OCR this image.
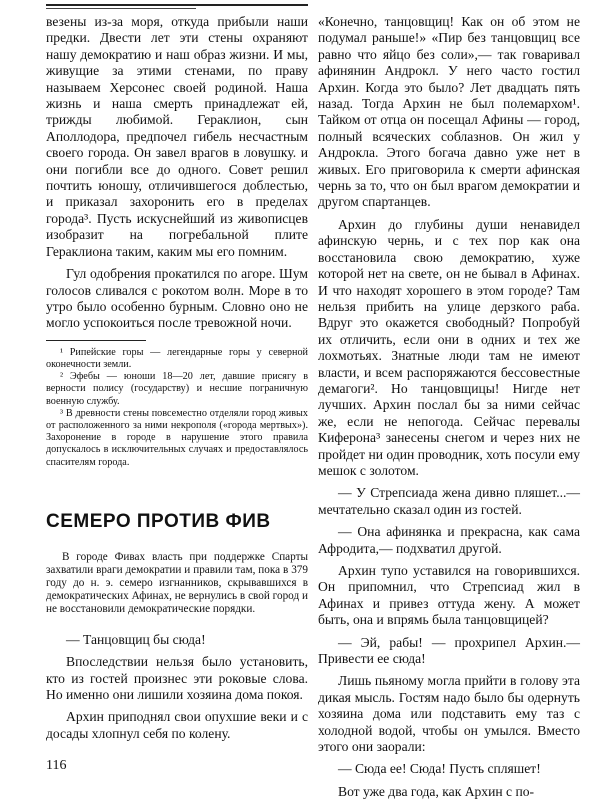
везены из-за моря, откуда прибыли наши предки. Двести лет эти стены охраняют нашу демократию и наш образ жизни. И мы, живущие за этими стенами, по праву называем Херсонес своей родиной. Наша жизнь и наша смерть принадлежат ей, трижды любимой. Гераклион, сын Аполлодора, предпочел гибель несчастным своего города. Он завел врагов в ловушку. и они погибли все до одного. Совет решил почтить юношу, отличившегося доблестью, и приказал захоронить его в пределах города³. Пусть искуснейший из живописцев изобразит на погребальной плите Гераклиона таким, каким мы его помним.

Гул одобрения прокатился по агоре. Шум голосов сливался с рокотом волн. Море в то утро было особенно бурным. Словно оно не могло успокоиться после тревожной ночи.

¹ Рипейские горы — легендарные горы у северной оконечности земли.

² Эфебы — юноши 18—20 лет, давшие присягу в верности полису (государству) и несшие пограничную военную службу.

³ В древности стены повсеместно отделяли город живых от расположенного за ними некрополя («города мертвых»). Захоронение в городе в нарушение этого правила допускалось в исключительных случаях и предоставлялось спасителям города.

СЕМЕРО ПРОТИВ ФИВ
В городе Фивах власть при поддержке Спарты захватили враги демократии и правили там, пока в 379 году до н. э. семеро изгнанников, скрывавшихся в демократических Афинах, не вернулись в свой город и не восстановили демократические порядки.

— Танцовщиц бы сюда!

Впоследствии нельзя было установить, кто из гостей произнес эти роковые слова. Но именно они лишили хозяина дома покоя.

Архин приподнял свои опухшие веки и с досады хлопнул себя по колену.

«Конечно, танцовщиц! Как он об этом не подумал раньше!» «Пир без танцовщиц все равно что яйцо без соли»,— так говаривал афинянин Андрокл. У него часто гостил Архин. Когда это было? Лет двадцать пять назад. Тогда Архин не был полемархом¹. Тайком от отца он посещал Афины — город, полный всяческих соблазнов. Он жил у Андрокла. Этого богача давно уже нет в живых. Его приговорила к смерти афинская чернь за то, что он был врагом демократии и другом спартанцев.

Архин до глубины души ненавидел афинскую чернь, и с тех пор как она восстановила свою демократию, хуже которой нет на свете, он не бывал в Афинах. И что находят хорошего в этом городе? Там нельзя прибить на улице дерзкого раба. Вдруг это окажется свободный? Попробуй их отличить, если они в одних и тех же лохмотьях. Знатные люди там не имеют власти, и всем распоряжаются бессовестные демагоги². Но танцовщицы! Нигде нет лучших. Архин послал бы за ними сейчас же, если не непогода. Сейчас перевалы Киферона³ занесены снегом и через них не пройдет ни один проводник, хоть посули ему мешок с золотом.

— У Стрепсиада жена дивно пляшет...— мечтательно сказал один из гостей.

— Она афинянка и прекрасна, как сама Афродита,— подхватил другой.

Архин тупо уставился на говорившихся. Он припомнил, что Стрепсиад жил в Афинах и привез оттуда жену. А может быть, она и впрямь была танцовщицей?

— Эй, рабы! — прохрипел Архин.— Привести ее сюда!

Лишь пьяному могла прийти в голову эта дикая мысль. Гостям надо было бы одернуть хозяина дома или подставить ему таз с холодной водой, чтобы он умылся. Вместо этого они заорали:

— Сюда ее! Сюда! Пусть спляшет!

Вот уже два года, как Архин с по-

116
